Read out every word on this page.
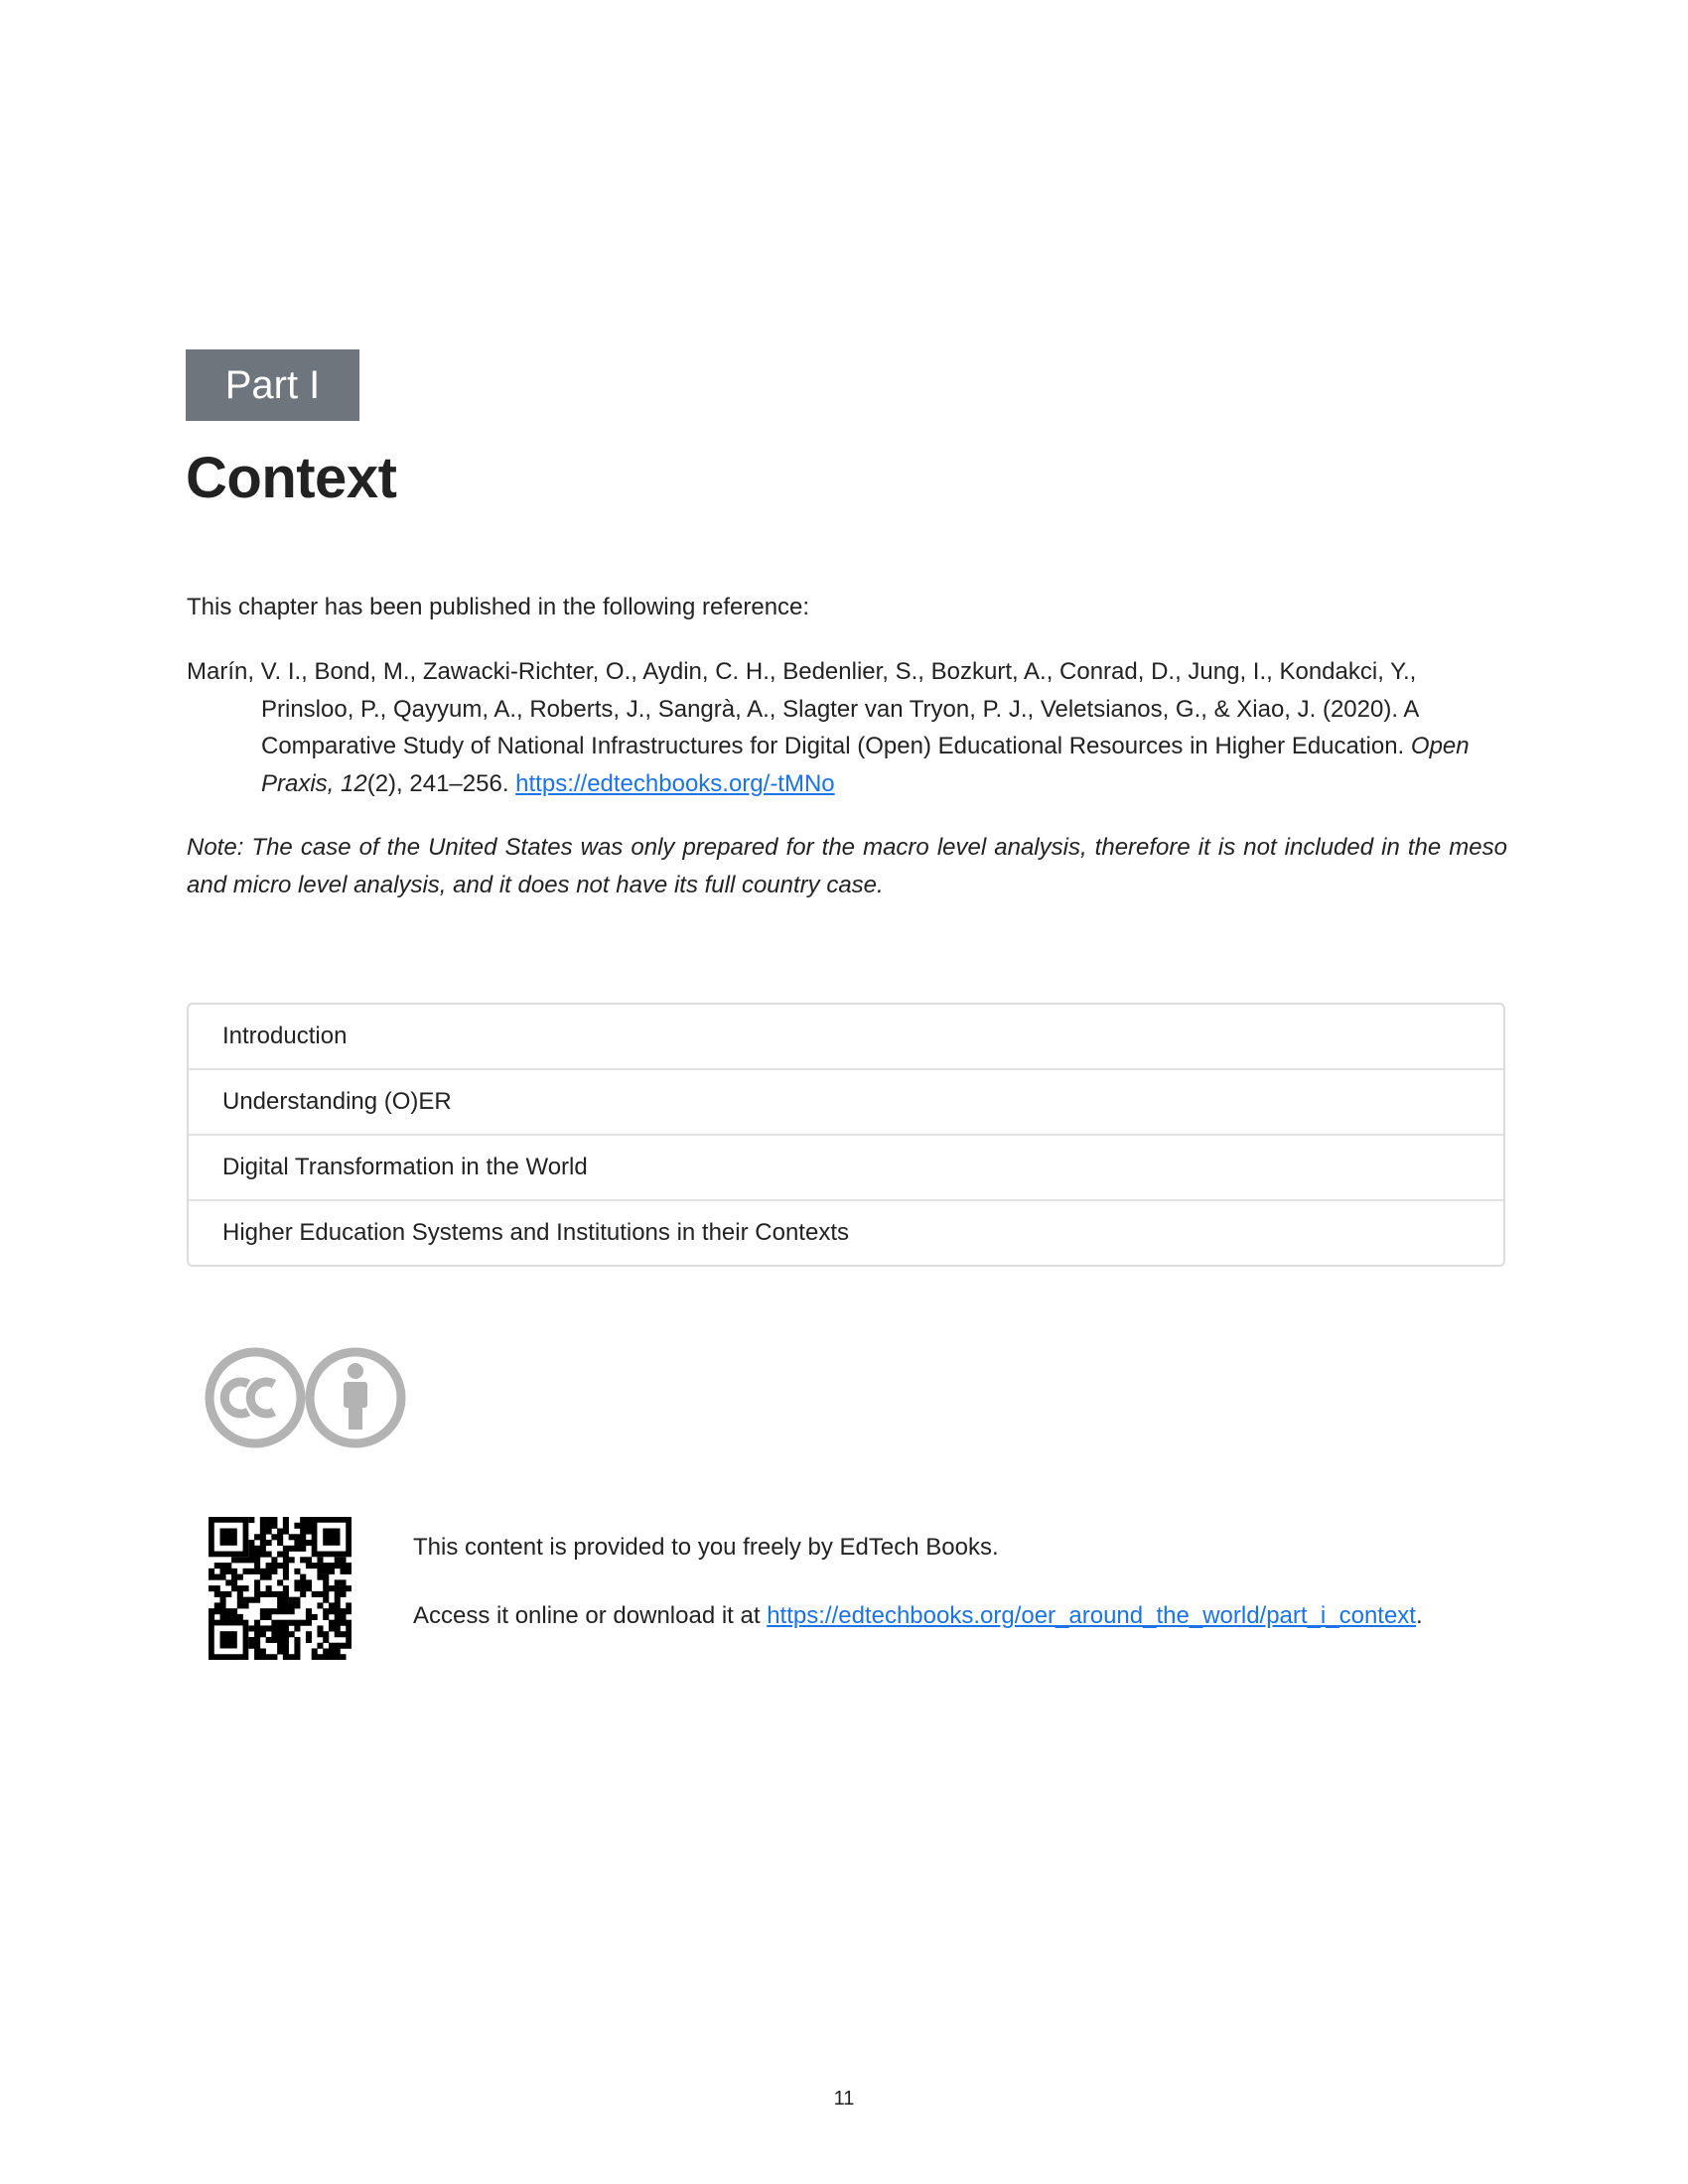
Part I
Context

This chapter has been published in the following reference:

Marín, V. I., Bond, M., Zawacki-Richter, O., Aydin, C. H., Bedenlier, S., Bozkurt, A., Conrad, D., Jung, I., Kondakci, Y., Prinsloo, P., Qayyum, A., Roberts, J., Sangrà, A., Slagter van Tryon, P. J., Veletsianos, G., & Xiao, J. (2020). A Comparative Study of National Infrastructures for Digital (Open) Educational Resources in Higher Education. Open Praxis, 12(2), 241–256. https://edtechbooks.org/-tMNo

Note: The case of the United States was only prepared for the macro level analysis, therefore it is not included in the meso and micro level analysis, and it does not have its full country case.

Introduction
Understanding (O)ER
Digital Transformation in the World
Higher Education Systems and Institutions in their Contexts

This content is provided to you freely by EdTech Books.

Access it online or download it at https://edtechbooks.org/oer_around_the_world/part_i_context.

11
